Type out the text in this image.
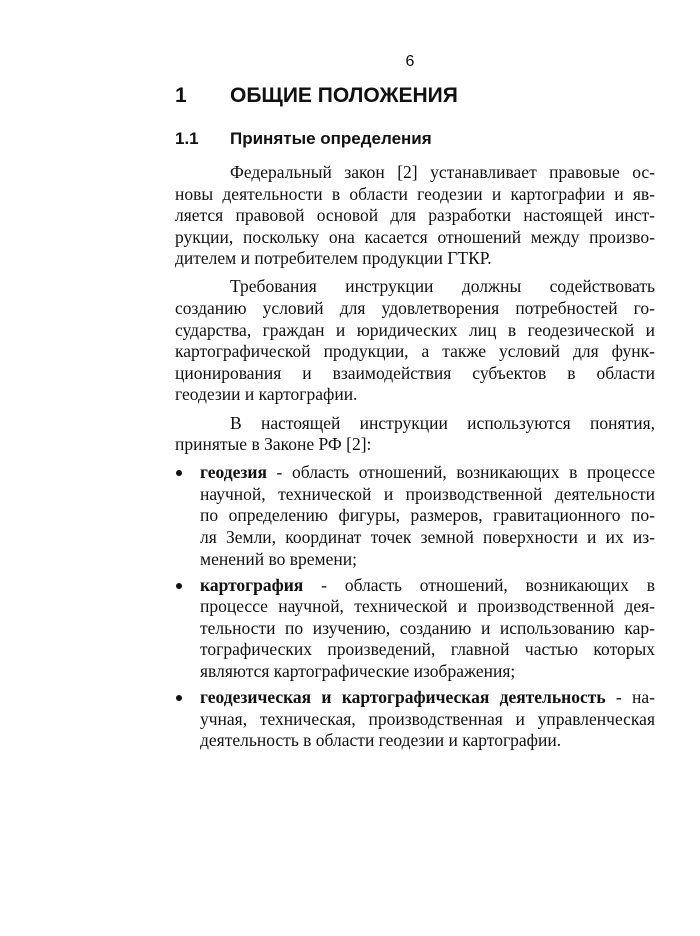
6
1 ОБЩИЕ ПОЛОЖЕНИЯ
1.1 Принятые определения
Федеральный закон [2] устанавливает правовые ос-
новы деятельности в области геодезии и картографии и яв-
ляется правовой основой для разработки настоящей инст-
рукции, поскольку она касается отношений между произво-
дителем и потребителем продукции ГТКР.
Требования инструкции должны содействовать
созданию условий для удовлетворения потребностей го-
сударства, граждан и юридических лиц в геодезической и
картографической продукции, а также условий для функ-
ционирования и взаимодействия субъектов в области
геодезии и картографии.
В настоящей инструкции используются понятия,
принятые в Законе РФ [2]:
геодезия - область отношений, возникающих в процессе
научной, технической и производственной деятельности
по определению фигуры, размеров, гравитационного по-
ля Земли, координат точек земной поверхности и их из-
менений во времени;
картография - область отношений, возникающих в
процессе научной, технической и производственной дея-
тельности по изучению, созданию и использованию кар-
тографических произведений, главной частью которых
являются картографические изображения;
геодезическая и картографическая деятельность - на-
учная, техническая, производственная и управленческая
деятельность в области геодезии и картографии.
